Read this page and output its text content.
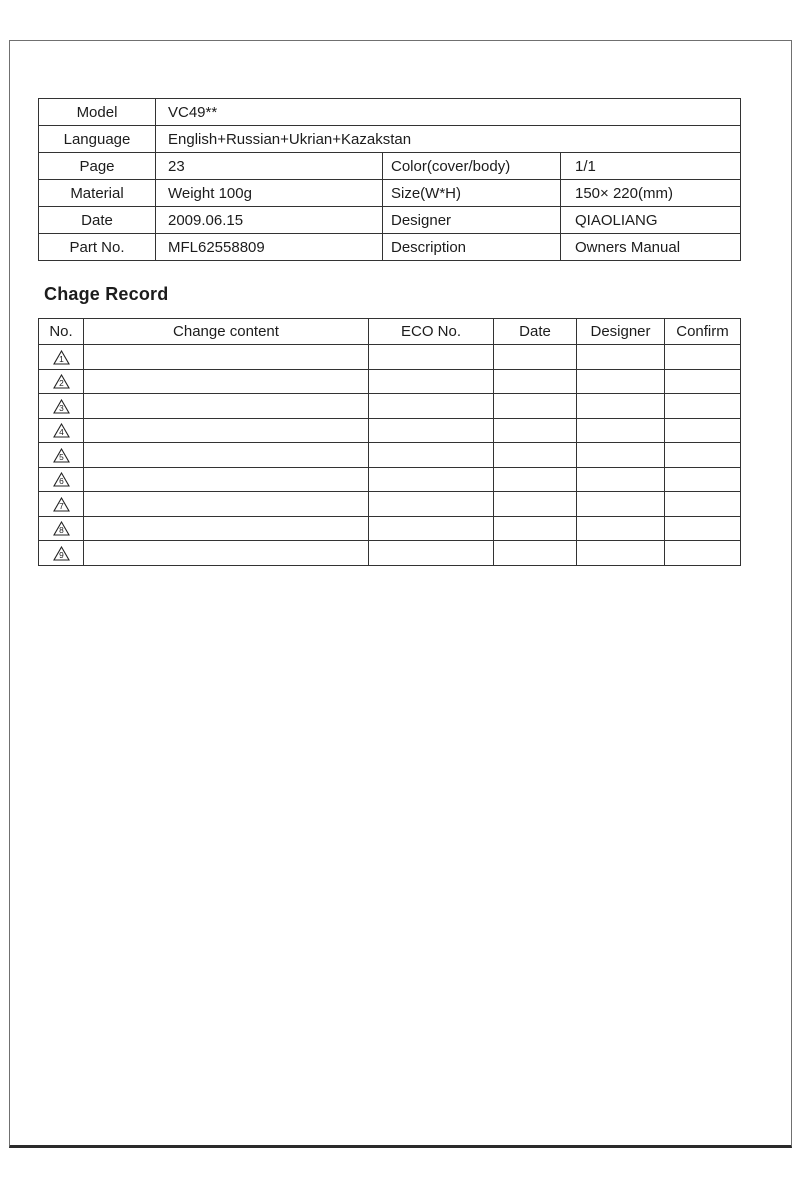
Model	VC49**		
Language	English+Russian+Ukrian+Kazakstan		
Page	23	Color(cover/body)	1/1
Material	Weight 100g	Size(W*H)	150× 220(mm)
Date	2009.06.15	Designer	QIAOLIANG
Part No.	MFL62558809	Description	Owners Manual
Chage Record
No.	Change content	ECO No.	Date	Designer	Confirm

1					

2					

3					

4					

5					

6					

7					

8					

9					
